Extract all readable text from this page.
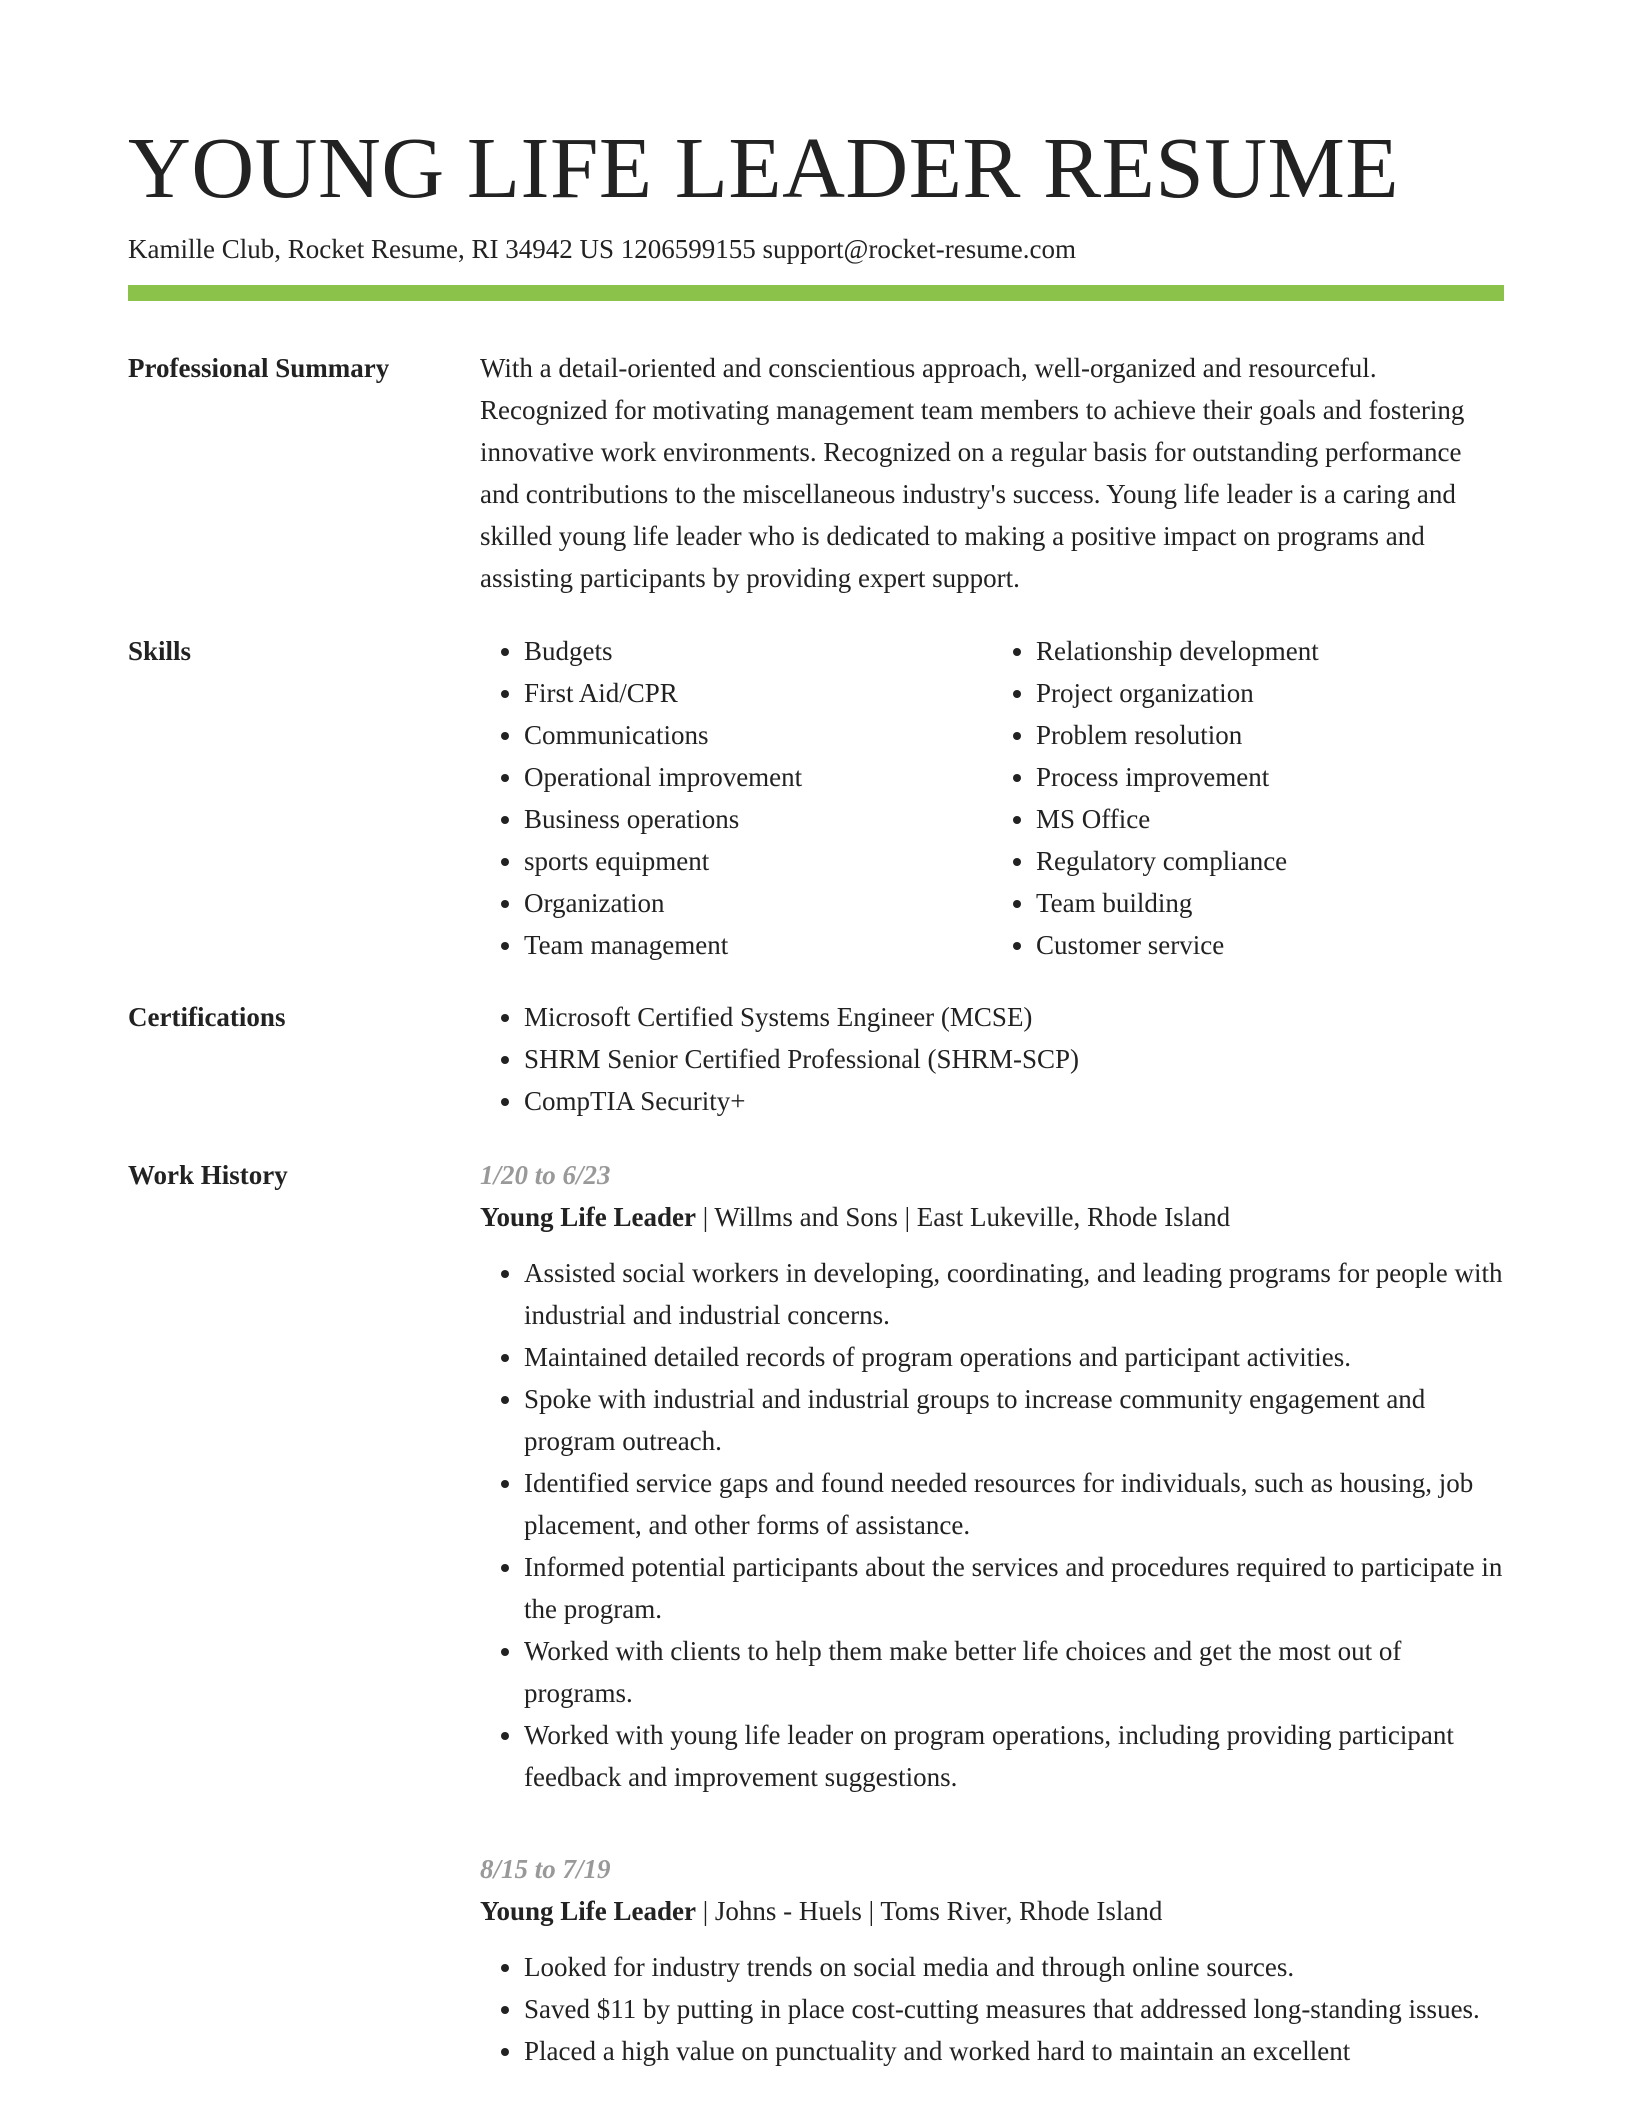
YOUNG LIFE LEADER RESUME
Kamille Club, Rocket Resume, RI 34942 US 1206599155 support@rocket-resume.com
Professional Summary	With a detail-oriented and conscientious approach, well-organized and resourceful. Recognized for motivating management team members to achieve their goals and fostering innovative work environments. Recognized on a regular basis for outstanding performance and contributions to the miscellaneous industry's success. Young life leader is a caring and skilled young life leader who is dedicated to making a positive impact on programs and assisting participants by providing expert support.

Skills	• Budgets
• First Aid/CPR
• Communications
• Operational improvement
• Business operations
• sports equipment
• Organization
• Team management
• Relationship development
• Project organization
• Problem resolution
• Process improvement
• MS Office
• Regulatory compliance
• Team building
• Customer service
Certifications	• Microsoft Certified Systems Engineer (MCSE)
• SHRM Senior Certified Professional (SHRM-SCP)
• CompTIA Security+
Work History	1/20 to 6/23
Young Life Leader | Willms and Sons | East Lukeville, Rhode Island
• Assisted social workers in developing, coordinating, and leading programs for people with industrial and industrial concerns.
• Maintained detailed records of program operations and participant activities.
• Spoke with industrial and industrial groups to increase community engagement and program outreach.
• Identified service gaps and found needed resources for individuals, such as housing, job placement, and other forms of assistance.
• Informed potential participants about the services and procedures required to participate in the program.
• Worked with clients to help them make better life choices and get the most out of programs.
• Worked with young life leader on program operations, including providing participant feedback and improvement suggestions.
8/15 to 7/19
Young Life Leader | Johns - Huels | Toms River, Rhode Island
• Looked for industry trends on social media and through online sources.
• Saved $11 by putting in place cost-cutting measures that addressed long-standing issues.
• Placed a high value on punctuality and worked hard to maintain an excellent
